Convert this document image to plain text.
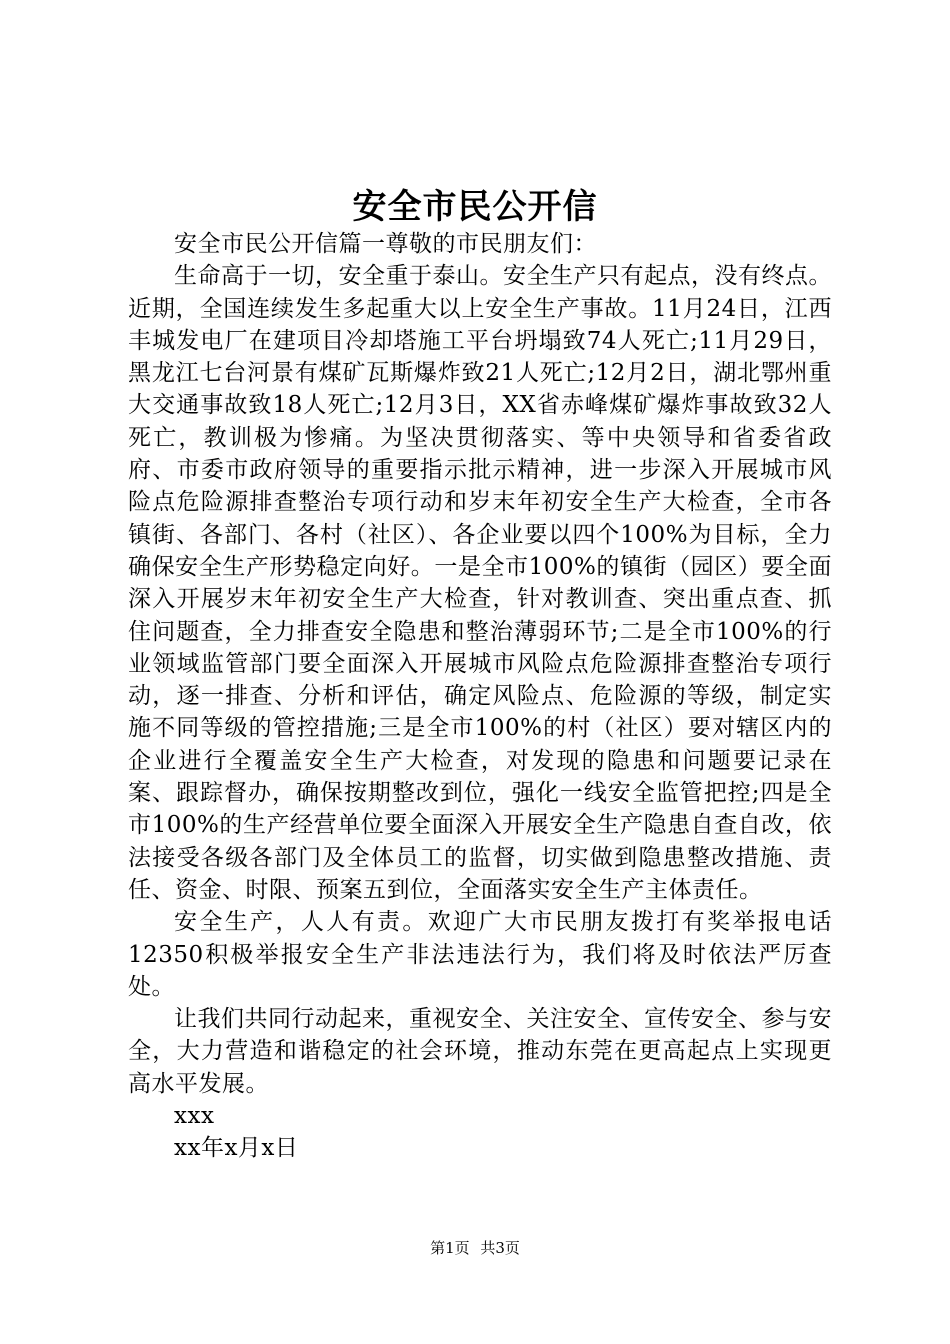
安全市民公开信

安全市民公开信篇一尊敬的市民朋友们：

生命高于一切，安全重于泰山。安全生产只有起点，没有终点。近期，全国连续发生多起重大以上安全生产事故。11月24日，江西丰城发电厂在建项目冷却塔施工平台坍塌致74人死亡;11月29日，黑龙江七台河景有煤矿瓦斯爆炸致21人死亡;12月2日，湖北鄂州重大交通事故致18人死亡;12月3日，XX省赤峰煤矿爆炸事故致32人死亡，教训极为惨痛。为坚决贯彻落实、等中央领导和省委省政府、市委市政府领导的重要指示批示精神，进一步深入开展城市风险点危险源排查整治专项行动和岁末年初安全生产大检查，全市各镇街、各部门、各村（社区）、各企业要以四个100%为目标，全力确保安全生产形势稳定向好。一是全市100%的镇街（园区）要全面深入开展岁末年初安全生产大检查，针对教训查、突出重点查、抓住问题查，全力排查安全隐患和整治薄弱环节;二是全市100%的行业领域监管部门要全面深入开展城市风险点危险源排查整治专项行动，逐一排查、分析和评估，确定风险点、危险源的等级，制定实施不同等级的管控措施;三是全市100%的村（社区）要对辖区内的企业进行全覆盖安全生产大检查，对发现的隐患和问题要记录在案、跟踪督办，确保按期整改到位，强化一线安全监管把控;四是全市100%的生产经营单位要全面深入开展安全生产隐患自查自改，依法接受各级各部门及全体员工的监督，切实做到隐患整改措施、责任、资金、时限、预案五到位，全面落实安全生产主体责任。

安全生产，人人有责。欢迎广大市民朋友拨打有奖举报电话12350积极举报安全生产非法违法行为，我们将及时依法严厉查处。

让我们共同行动起来，重视安全、关注安全、宣传安全、参与安全，大力营造和谐稳定的社会环境，推动东莞在更高起点上实现更高水平发展。

xxx

xx年x月x日

第1页 共3页
